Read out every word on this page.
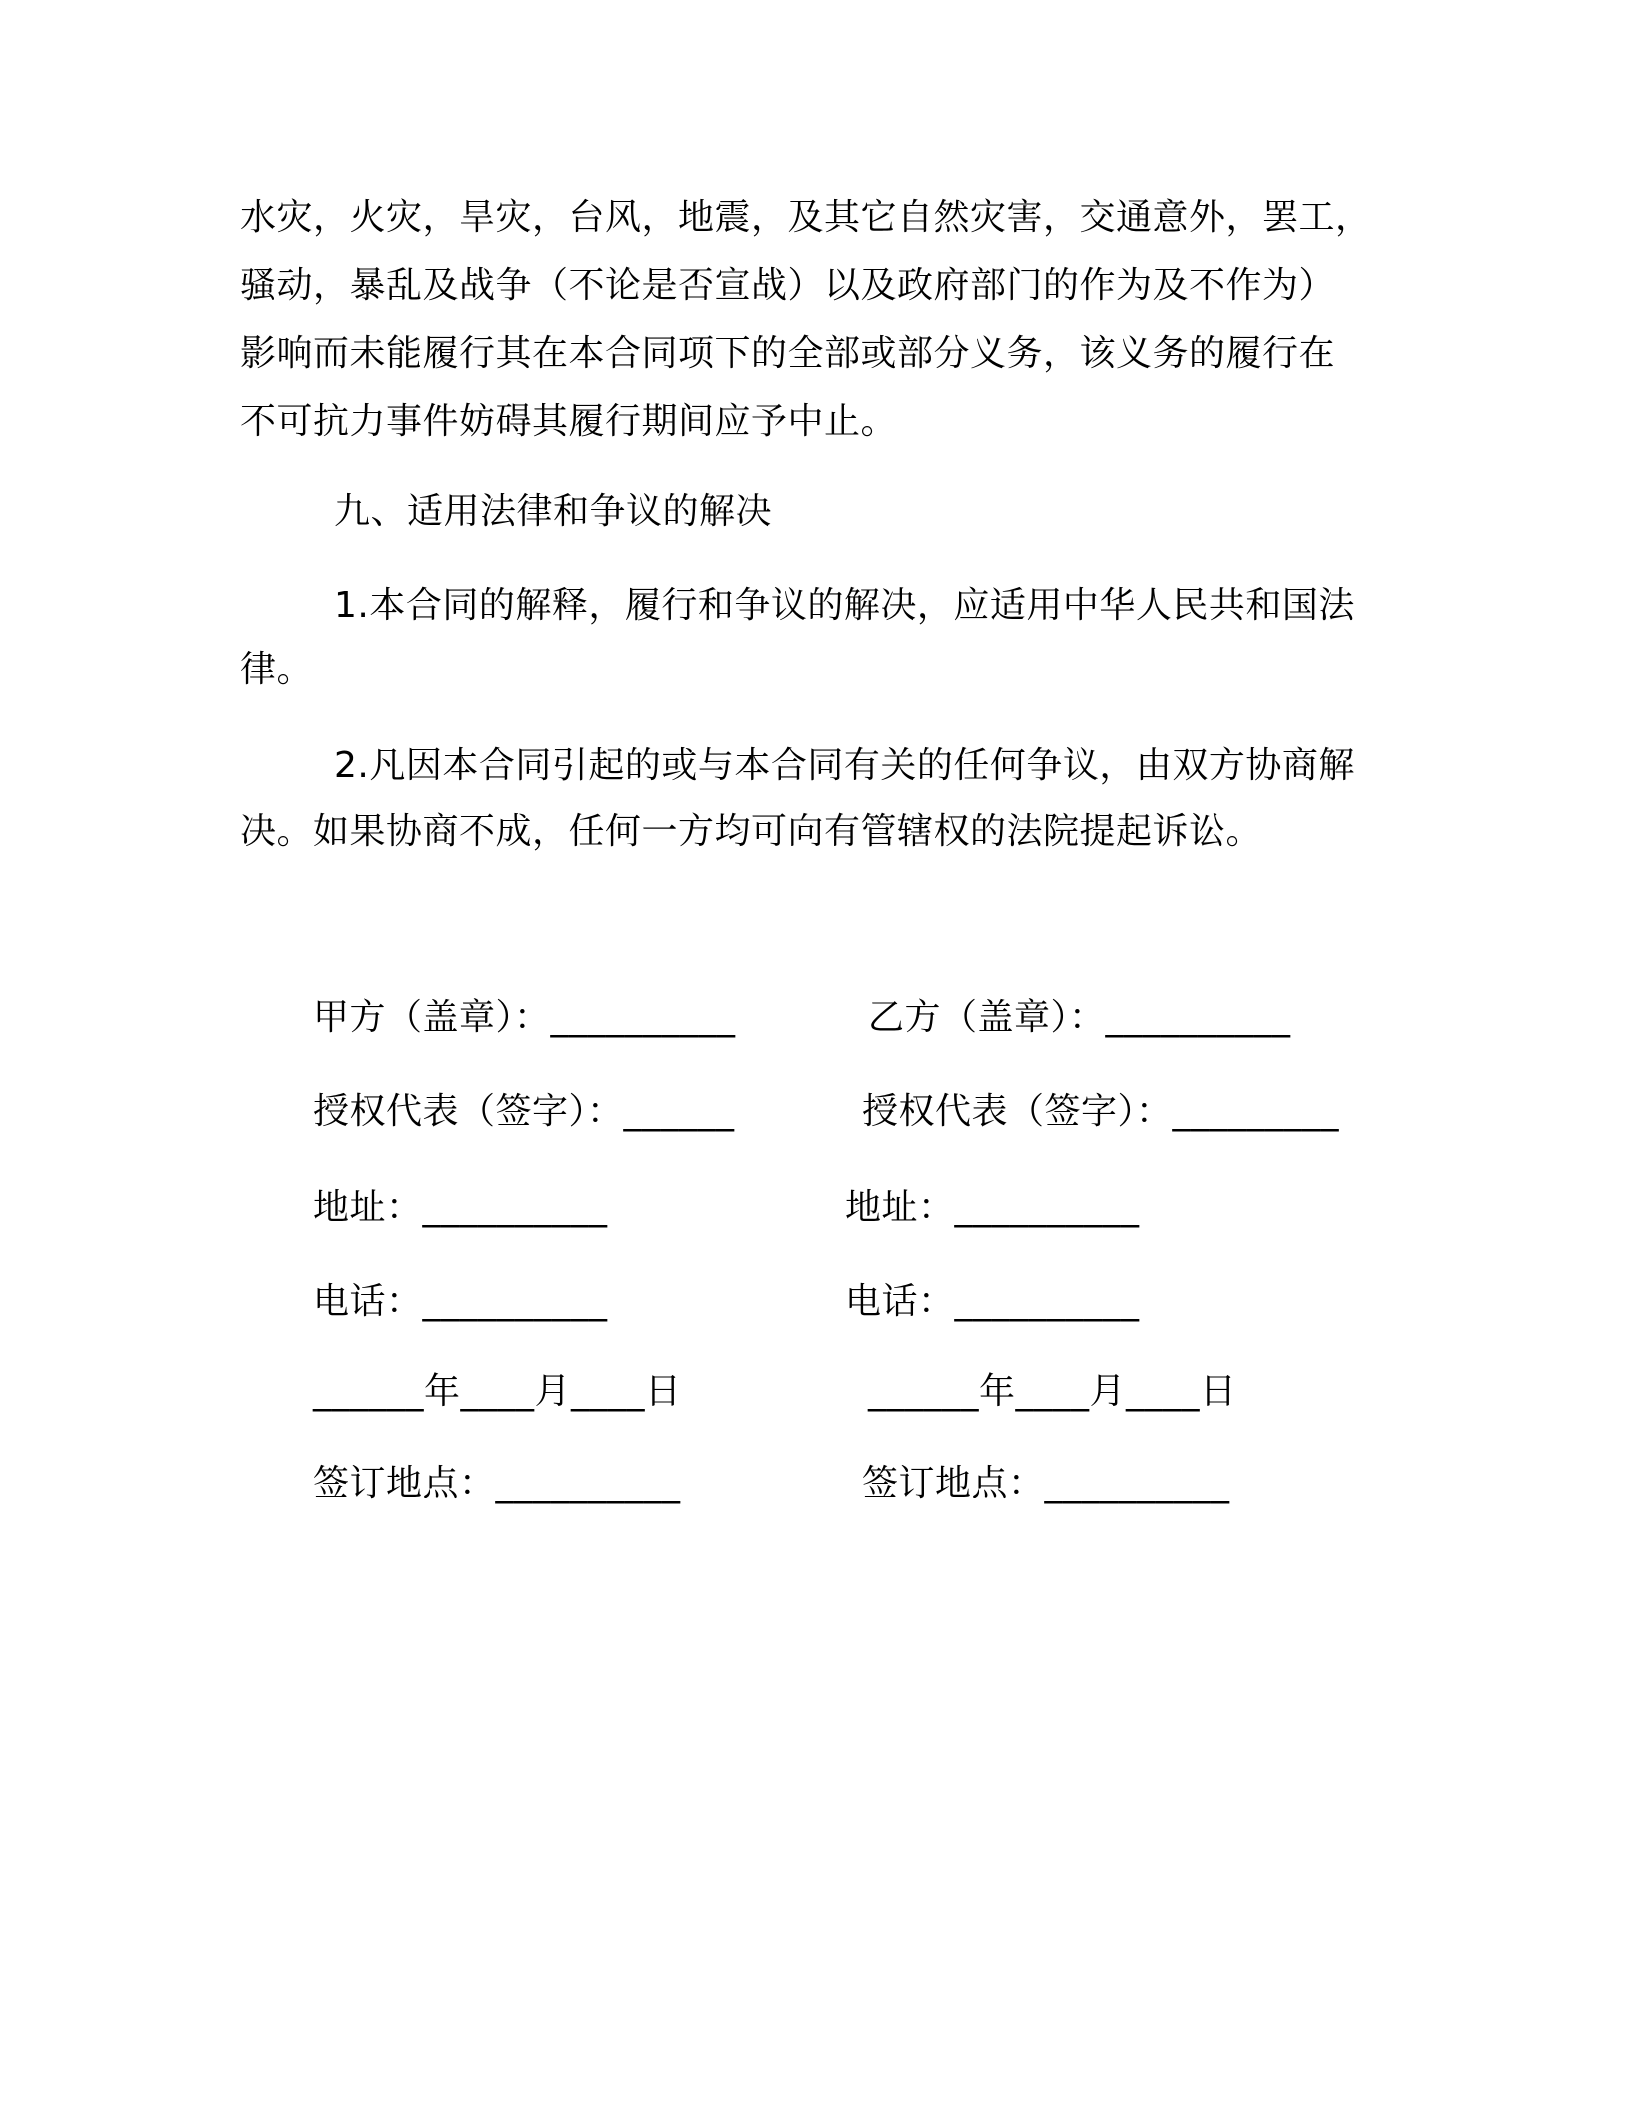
水灾，火灾，旱灾，台风，地震，及其它自然灾害，交通意外，罢工，
骚动，暴乱及战争（不论是否宣战）以及政府部门的作为及不作为）
影响而未能履行其在本合同项下的全部或部分义务，该义务的履行在
不可抗力事件妨碍其履行期间应予中止。
九、适用法律和争议的解决
1.本合同的解释，履行和争议的解决，应适用中华人民共和国法
律。
2.凡因本合同引起的或与本合同有关的任何争议，由双方协商解
决。如果协商不成，任何一方均可向有管辖权的法院提起诉讼。
甲方（盖章）：__________	乙方（盖章）：__________
授权代表（签字）：______	授权代表（签字）：_________
地址：__________	地址：__________
电话：__________	电话：__________
______年____月____日	______年____月____日
签订地点：__________	签订地点：__________
